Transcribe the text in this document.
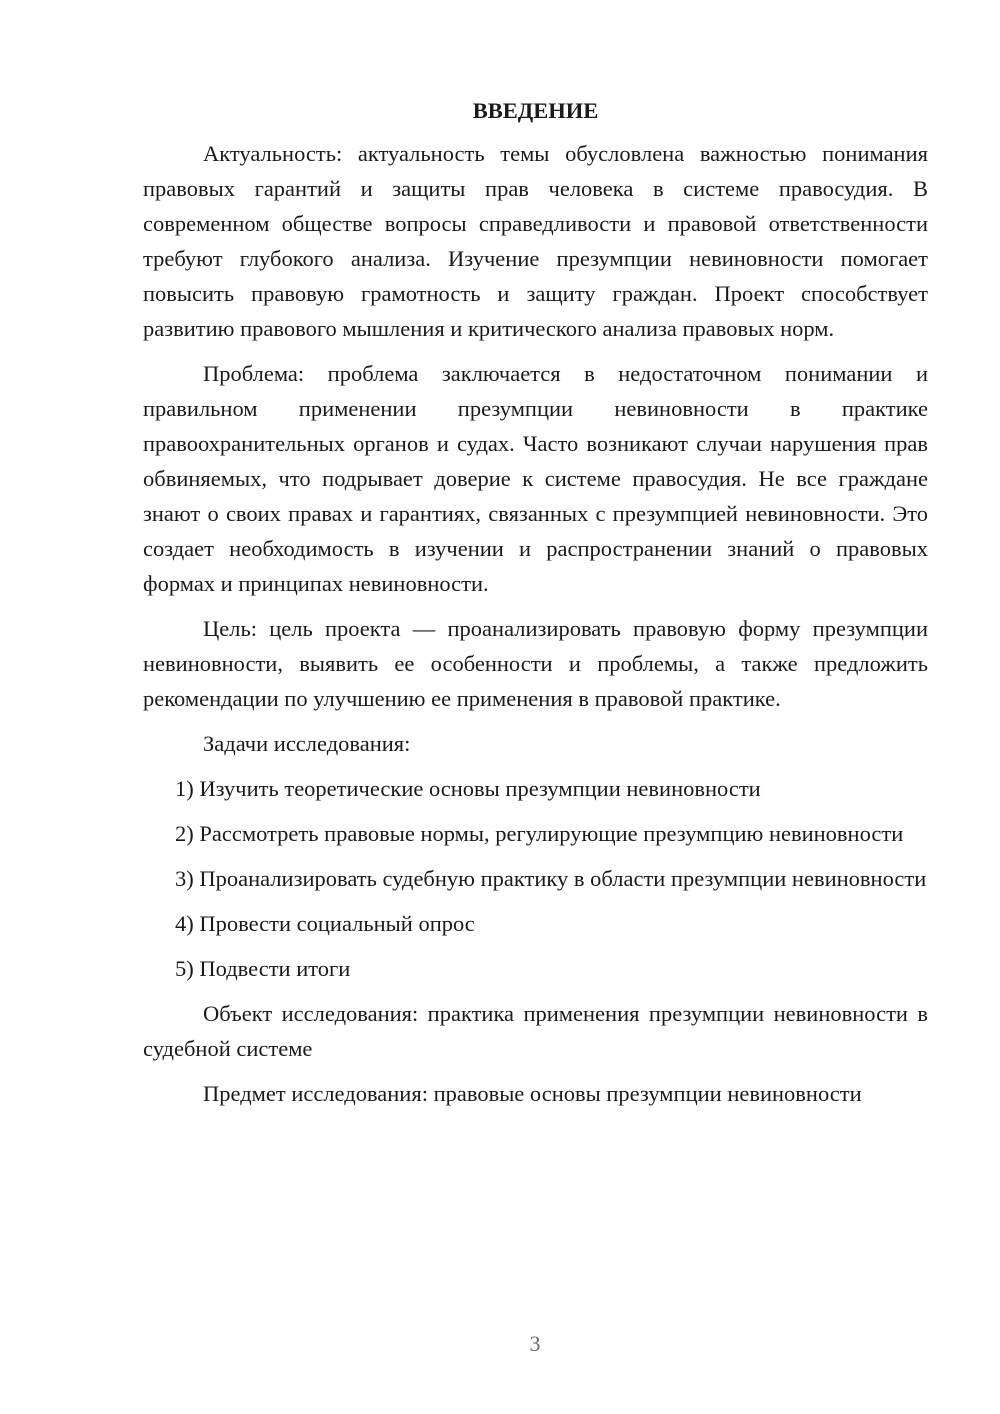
ВВЕДЕНИЕ

Актуальность: актуальность темы обусловлена важностью понимания правовых гарантий и защиты прав человека в системе правосудия. В современном обществе вопросы справедливости и правовой ответственности требуют глубокого анализа. Изучение презумпции невиновности помогает повысить правовую грамотность и защиту граждан. Проект способствует развитию правового мышления и критического анализа правовых норм.

Проблема: проблема заключается в недостаточном понимании и правильном применении презумпции невиновности в практике правоохранительных органов и судах. Часто возникают случаи нарушения прав обвиняемых, что подрывает доверие к системе правосудия. Не все граждане знают о своих правах и гарантиях, связанных с презумпцией невиновности. Это создает необходимость в изучении и распространении знаний о правовых формах и принципах невиновности.

Цель: цель проекта — проанализировать правовую форму презумпции невиновности, выявить ее особенности и проблемы, а также предложить рекомендации по улучшению ее применения в правовой практике.

Задачи исследования:

1) Изучить теоретические основы презумпции невиновности

2) Рассмотреть правовые нормы, регулирующие презумпцию невиновности

3) Проанализировать судебную практику в области презумпции невиновности

4) Провести социальный опрос

5) Подвести итоги

Объект исследования: практика применения презумпции невиновности в судебной системе

Предмет исследования: правовые основы презумпции невиновности

3
